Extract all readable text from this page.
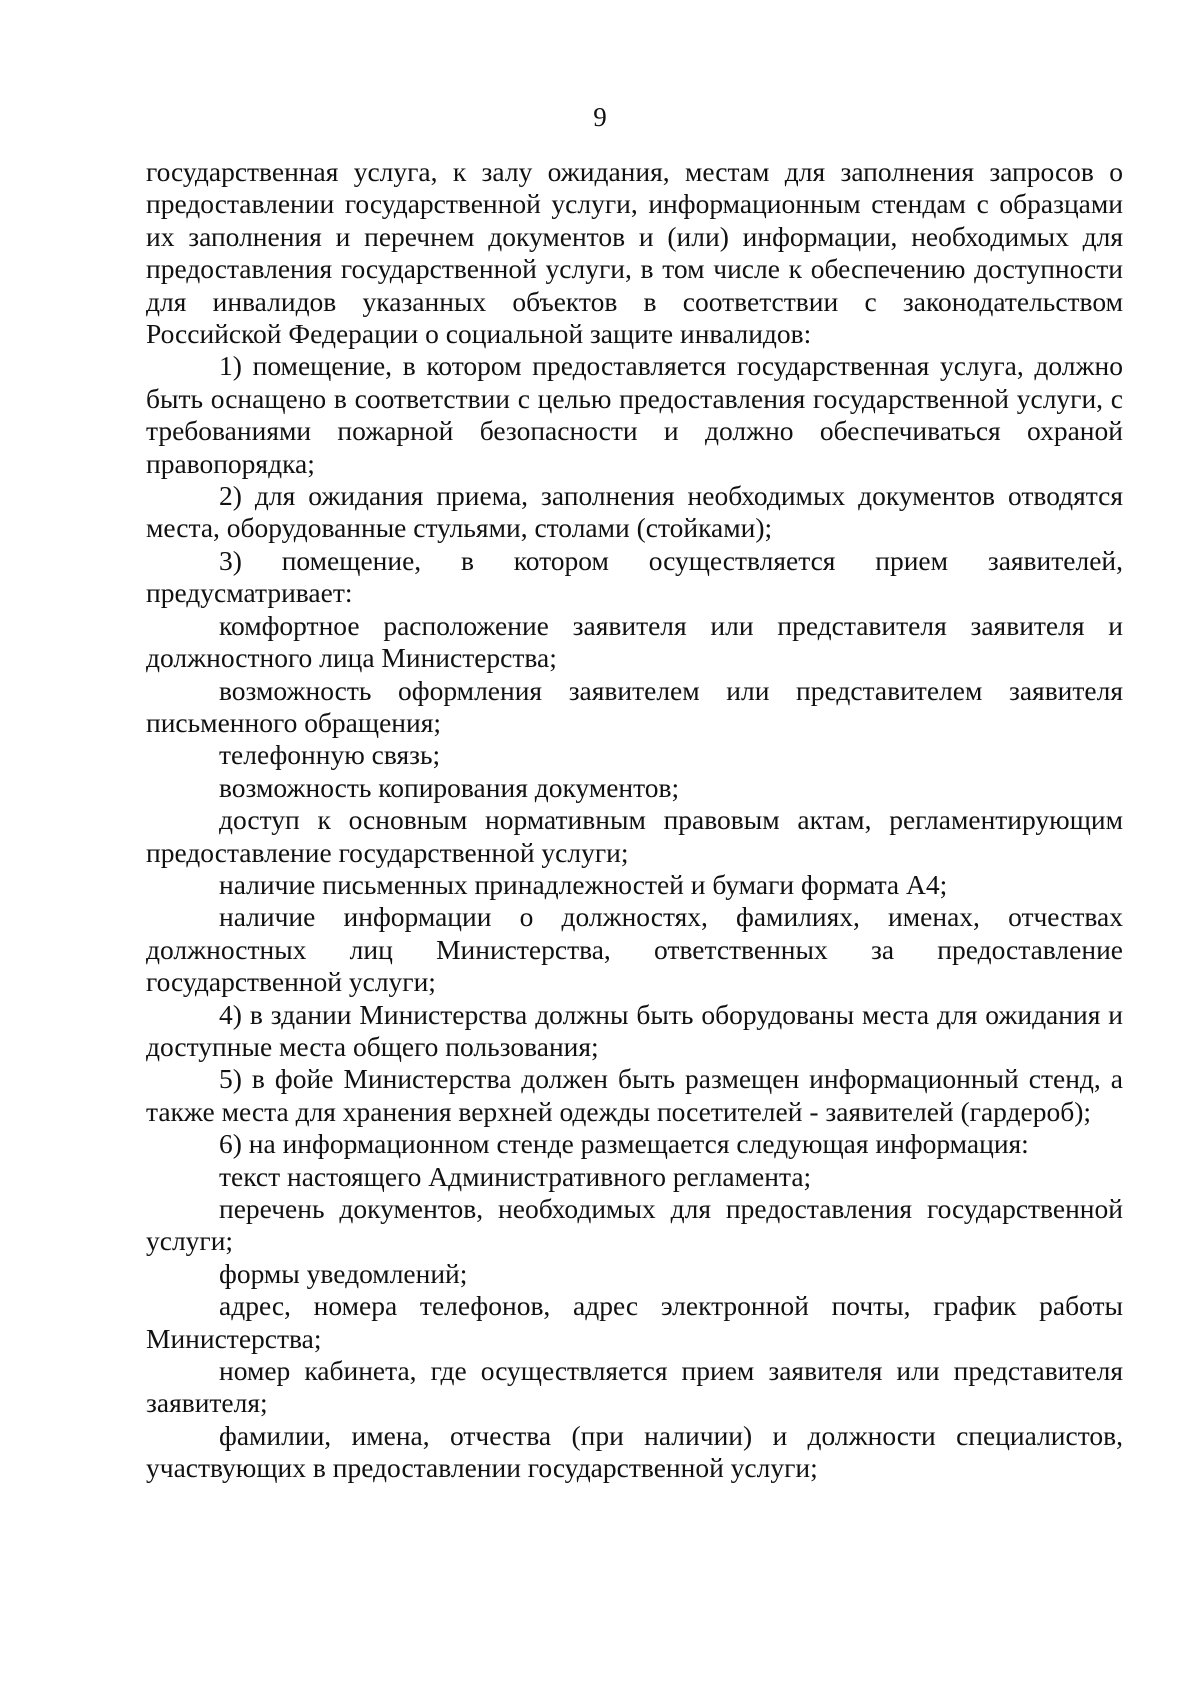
9

государственная услуга, к залу ожидания, местам для заполнения запросов о предоставлении государственной услуги, информационным стендам с образцами их заполнения и перечнем документов и (или) информации, необходимых для предоставления государственной услуги, в том числе к обеспечению доступности для инвалидов указанных объектов в соответствии с законодательством Российской Федерации о социальной защите инвалидов:

1) помещение, в котором предоставляется государственная услуга, должно быть оснащено в соответствии с целью предоставления государственной услуги, с требованиями пожарной безопасности и должно обеспечиваться охраной правопорядка;

2) для ожидания приема, заполнения необходимых документов отводятся места, оборудованные стульями, столами (стойками);

3) помещение, в котором осуществляется прием заявителей, предусматривает:

комфортное расположение заявителя или представителя заявителя и должностного лица Министерства;

возможность оформления заявителем или представителем заявителя письменного обращения;

телефонную связь;

возможность копирования документов;

доступ к основным нормативным правовым актам, регламентирующим предоставление государственной услуги;

наличие письменных принадлежностей и бумаги формата А4;

наличие информации о должностях, фамилиях, именах, отчествах должностных лиц Министерства, ответственных за предоставление государственной услуги;

4) в здании Министерства должны быть оборудованы места для ожидания и доступные места общего пользования;

5) в фойе Министерства должен быть размещен информационный стенд, а также места для хранения верхней одежды посетителей - заявителей (гардероб);

6) на информационном стенде размещается следующая информация:

текст настоящего Административного регламента;

перечень документов, необходимых для предоставления государственной услуги;

формы уведомлений;

адрес, номера телефонов, адрес электронной почты, график работы Министерства;

номер кабинета, где осуществляется прием заявителя или представителя заявителя;

фамилии, имена, отчества (при наличии) и должности специалистов, участвующих в предоставлении государственной услуги;
